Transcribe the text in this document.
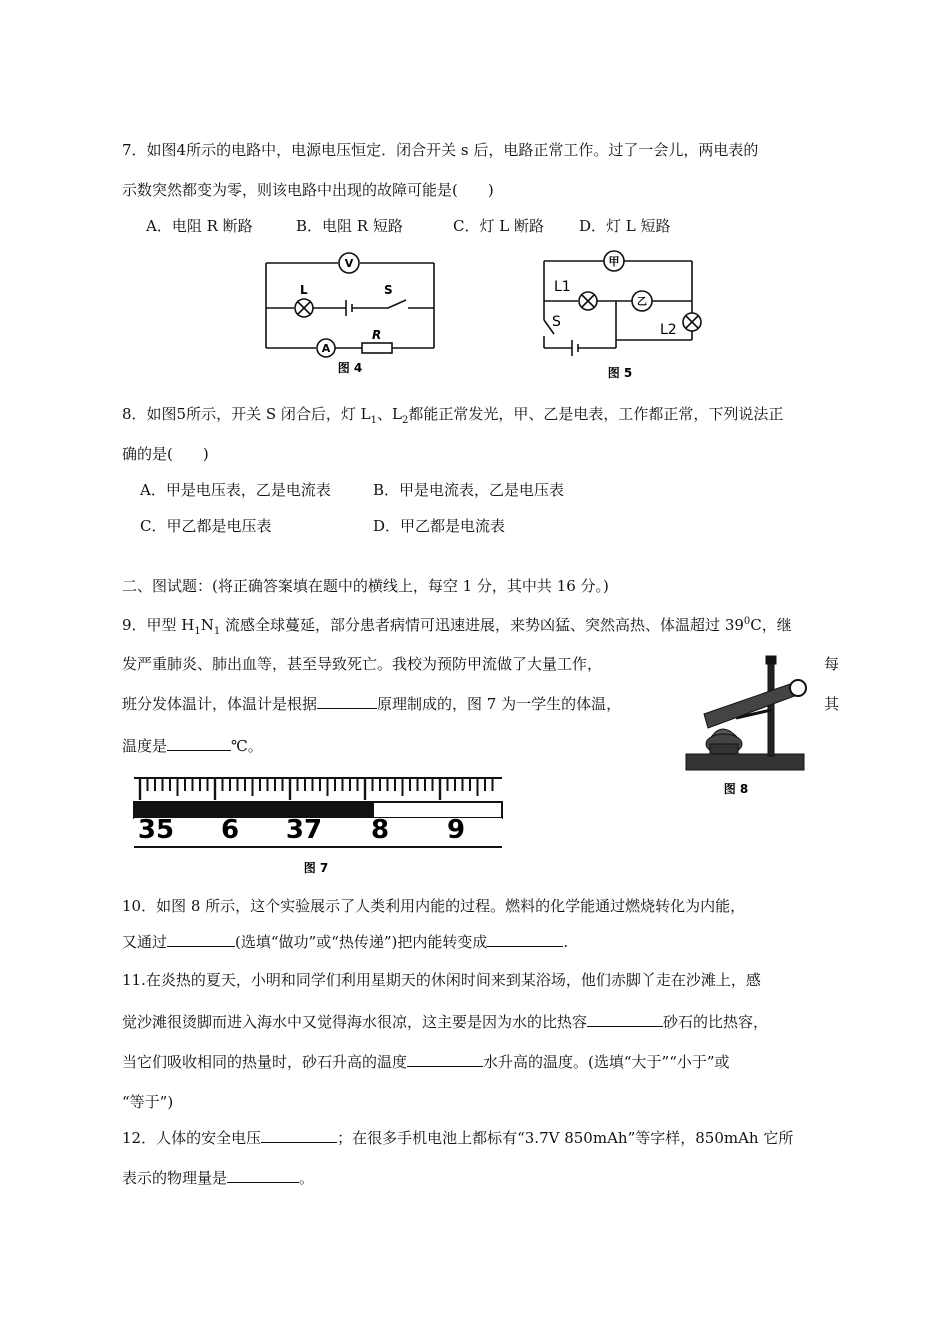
7．如图4所示的电路中，电源电压恒定．闭合开关 s 后，电路正常工作。过了一会儿，两电表的
示数突然都变为零，则该电路中出现的故障可能是(　　)
A．电阻 R 断路	B．电阻 R 短路	C．灯 L 断路 D．灯 L 短路
V
A
L	S
R
图 4
甲
乙
L1
L2
S
图 5
8．如图5所示，开关 S 闭合后，灯 $L_1$、$L_2$都能正常发光，甲、乙是电表，工作都正常，下列说法正
确的是(　　)
A．甲是电压表，乙是电流表	B．甲是电流表，乙是电压表
C．甲乙都是电压表	D．甲乙都是电流表
二、图试题：(将正确答案填在题中的横线上，每空 1 分，其中共 16 分。)
9．甲型 $H_1N_1$ 流感全球蔓延，部分患者病情可迅速进展，来势凶猛、突然高热、体温超过 $39^0C$，继
发严重肺炎、肺出血等，甚至导致死亡。我校为预防甲流做了大量工作，	每
班分发体温计，体温计是根据	原理制成的，图 7 为一学生的体温，	其
温度是	℃。
图 8
35 6 37 8 9
图 7
10．如图 8 所示，这个实验展示了人类利用内能的过程。燃料的化学能通过燃烧转化为内能，
又通过	(选填“做功”或“热传递”)把内能转变成	.
11.在炎热的夏天，小明和同学们利用星期天的休闲时间来到某浴场，他们赤脚丫走在沙滩上，感
觉沙滩很烫脚而进入海水中又觉得海水很凉，这主要是因为水的比热容	砂石的比热容，
当它们吸收相同的热量时，砂石升高的温度	水升高的温度。(选填“大于”“小于”或
“等于”)
12．人体的安全电压	；在很多手机电池上都标有“3.7V 850mAh”等字样，850mAh 它所
表示的物理量是	。
